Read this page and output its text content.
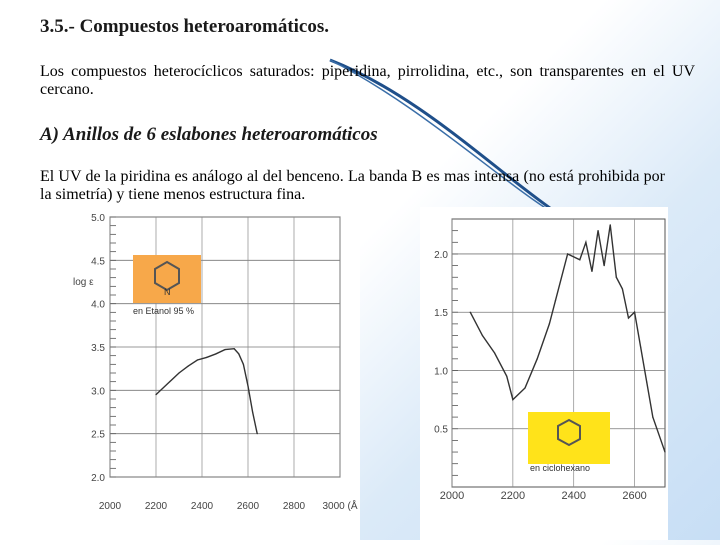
3.5.- Compuestos heteroaromáticos.
Los compuestos heterocíclicos saturados: piperidina, pirrolidina, etc., son transparentes en el UV cercano.
A) Anillos de 6 eslabones heteroaromáticos
El UV de la piridina es análogo al del benceno. La banda B es mas intensa (no está prohibida por la simetría) y tiene menos estructura fina.
5.0
4.5
4.0
3.5
3.0
2.5
2.0
2000 2200 2400 2600 2800 3000 (Å
log ε
N
en Etanol 95 %
2.0
1.5
1.0
0.5
2000	2200	2400	2600
en ciclohexano
